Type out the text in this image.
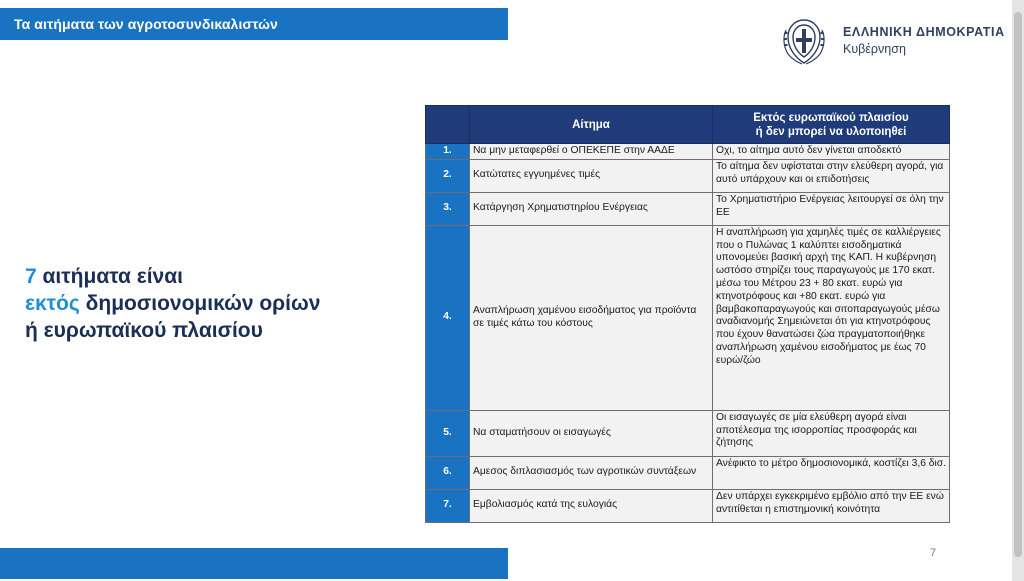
Τα αιτήματα των αγροτοσυνδικαλιστών	ΕΛΛΗΝΙΚΗ ΔΗΜΟΚΡΑΤΙΑ
Κυβέρνηση
7 αιτήματα είναι
εκτός δημοσιονομικών ορίων
ή ευρωπαϊκού πλαισίου
	Αίτημα	Εκτός ευρωπαϊκού πλαισίου
ή δεν μπορεί να υλοποιηθεί

1.	Να μην μεταφερθεί ο ΟΠΕΚΕΠΕ στην ΑΑΔΕ	Οχι, το αίτημα αυτό δεν γίνεται αποδεκτό
2.	Κατώτατες εγγυημένες τιμές	Το αίτημα δεν υφίσταται στην ελεύθερη αγορά, για αυτό υπάρχουν και οι επιδοτήσεις
3.	Κατάργηση Χρηματιστηρίου Ενέργειας	Το Χρηματιστήριο Ενέργειας λειτουργεί σε όλη την ΕΕ
4.	Αναπλήρωση χαμένου εισοδήματος για προϊόντα σε τιμές κάτω του κόστους	Η αναπλήρωση για χαμηλές τιμές σε καλλιέργειες που ο Πυλώνας 1 καλύπτει εισοδηματικά υπονομεύει βασική αρχή της ΚΑΠ. Η κυβέρνηση ωστόσο στηρίζει τους παραγωγούς με 170 εκατ. μέσω του Μέτρου 23 + 80 εκατ. ευρώ για κτηνοτρόφους και +80 εκατ. ευρώ για βαμβακοπαραγωγούς και σιτοπαραγωγούς μέσω αναδιανομής Σημειώνεται ότι για κτηνοτρόφους που έχουν θανατώσει ζώα πραγματοποιήθηκε αναπλήρωση χαμένου εισοδήματος με έως 70 ευρώ/ζώο
5.	Να σταματήσουν οι εισαγωγές	Οι εισαγωγές σε μία ελεύθερη αγορά είναι αποτέλεσμα της ισορροπίας προσφοράς και ζήτησης
6.	Αμεσος διπλασιασμός των αγροτικών συντάξεων	Ανέφικτο το μέτρο δημοσιονομικά, κοστίζει 3,6 δισ.
7.	Εμβολιασμός κατά της ευλογιάς	Δεν υπάρχει εγκεκριμένο εμβόλιο από την ΕΕ ενώ αντιτίθεται η επιστημονική κοινότητα
7
